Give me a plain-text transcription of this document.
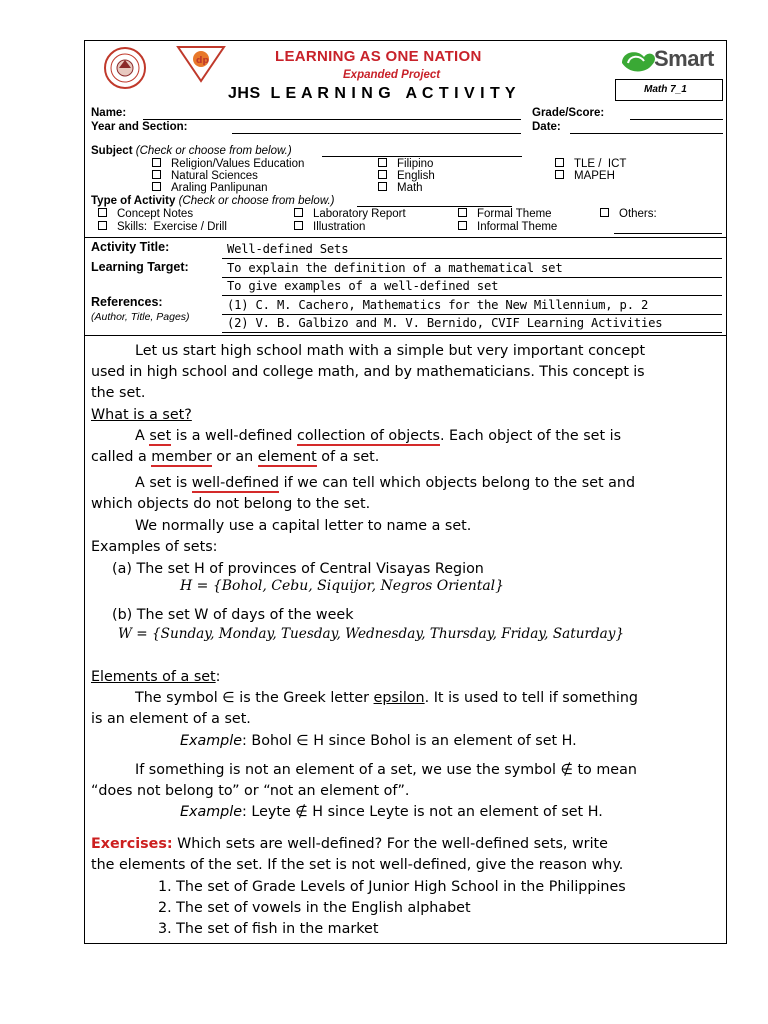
dp	LEARNING AS ONE NATION
Expanded Project
JHS  L E A R N I N G   A C T I V I T Y
Smart
Math 7_1
Name:
Year and Section:
Grade/Score:
Date:
Subject (Check or choose from below.)
Religion/Values Education
Natural Sciences
Araling Panlipunan
Filipino
English
Math
TLE /  ICT
MAPEH
Type of Activity (Check or choose from below.)
Concept Notes
Skills:  Exercise / Drill
Laboratory Report
Illustration
Formal Theme
Informal Theme
Others:
Activity Title:	Well-defined Sets
Learning Target:	To explain the definition of a mathematical set
To give examples of a well-defined set
References:
(Author, Title, Pages)
(1) C. M. Cachero, Mathematics for the New Millennium, p. 2
(2) V. B. Galbizo and M. V. Bernido, CVIF Learning Activities
Let us start high school math with a simple but very important concept
used in high school and college math, and by mathematicians. This concept is
the set.
What is a set?
A set is a well-defined collection of objects. Each object of the set is
called a member or an element of a set.
A set is well-defined if we can tell which objects belong to the set and
which objects do not belong to the set.
We normally use a capital letter to name a set.
Examples of sets:
(a) The set H of provinces of Central Visayas Region
H = {Bohol, Cebu, Siquijor, Negros Oriental}
(b) The set W of days of the week
W = {Sunday, Monday, Tuesday, Wednesday, Thursday, Friday, Saturday}
Elements of a set:
The symbol ∈ is the Greek letter epsilon. It is used to tell if something
is an element of a set.
Example: Bohol ∈ H since Bohol is an element of set H.
If something is not an element of a set, we use the symbol ∉ to mean
“does not belong to” or “not an element of”.
Example: Leyte ∉ H since Leyte is not an element of set H.
Exercises: Which sets are well-defined? For the well-defined sets, write
the elements of the set. If the set is not well-defined, give the reason why.
1. The set of Grade Levels of Junior High School in the Philippines
2. The set of vowels in the English alphabet
3. The set of fish in the market
